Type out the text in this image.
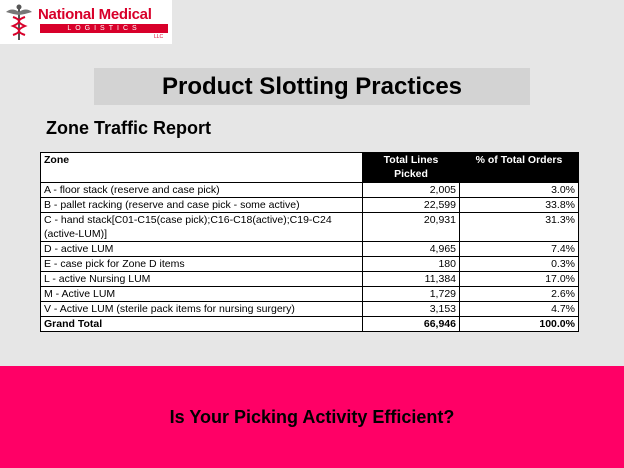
National Medical
LOGISTICS
LLC
Product Slotting Practices
Zone Traffic Report
Zone	Total Lines Picked	% of Total Orders
A - floor stack (reserve and case pick)	2,005	3.0%
B - pallet racking (reserve and case pick - some active)	22,599	33.8%
C - hand stack[C01-C15(case pick);C16-C18(active);C19-C24 (active-LUM)]	20,931	31.3%
D - active LUM	4,965	7.4%
E - case pick for Zone D items	180	0.3%
L - active Nursing LUM	11,384	17.0%
M - Active LUM	1,729	2.6%
V - Active LUM (sterile pack items for nursing surgery)	3,153	4.7%
Grand Total	66,946	100.0%
Is Your Picking Activity Efficient?
